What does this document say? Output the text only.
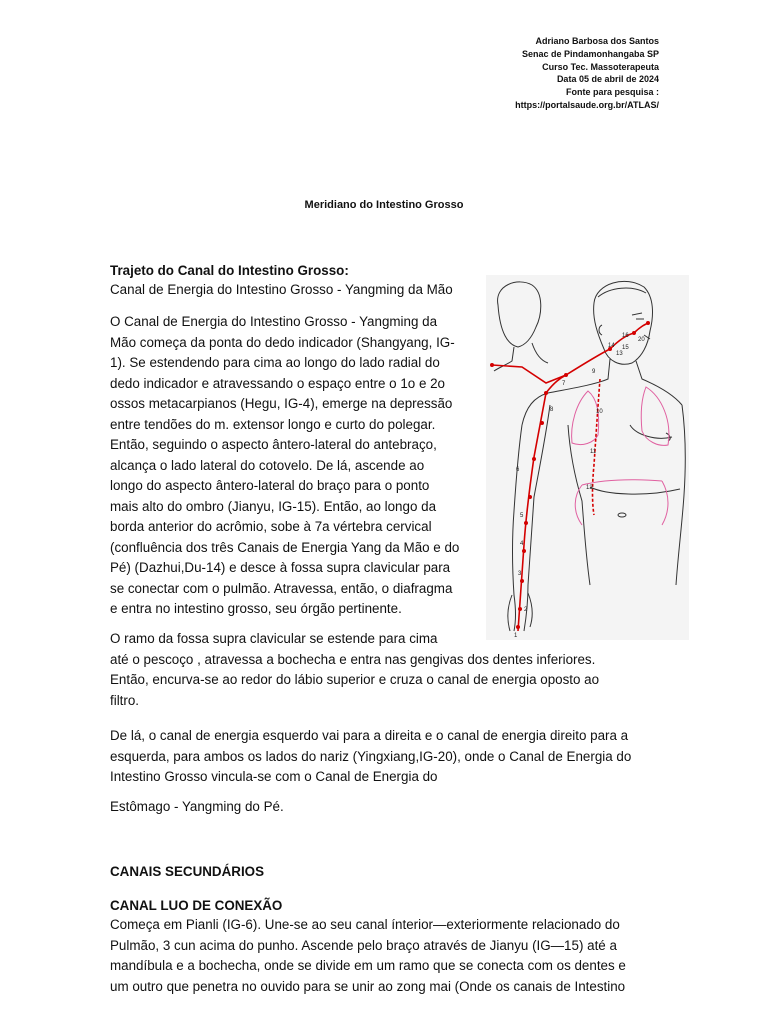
Adriano Barbosa dos Santos
Senac de Pindamonhangaba SP
Curso Tec. Massoterapeuta
Data 05 de abril de 2024
Fonte para pesquisa :
https://portalsaude.org.br/ATLAS/
Meridiano do Intestino Grosso
Trajeto do Canal do Intestino Grosso:
Canal de Energia do Intestino Grosso - Yangming da Mão
O Canal de Energia do Intestino Grosso - Yangming da
Mão começa da ponta do dedo indicador (Shangyang, IG-
1). Se estendendo para cima ao longo do lado radial do
dedo indicador e atravessando o espaço entre o 1o e 2o
ossos metacarpianos (Hegu, IG-4), emerge na depressão
entre tendões do m. extensor longo e curto do polegar.
Então, seguindo o aspecto ântero-lateral do antebraço,
alcança o lado lateral do cotovelo. De lá, ascende ao
longo do aspecto ântero-lateral do braço para o ponto
mais alto do ombro (Jianyu, IG-15). Então, ao longo da
borda anterior do acrômio, sobe à 7a vértebra cervical
(confluência dos três Canais de Energia Yang da Mão e do
Pé) (Dazhui,Du-14) e desce à fossa supra clavicular para
se conectar com o pulmão. Atravessa, então, o diafragma
e entra no intestino grosso, seu órgão pertinente.
O ramo da fossa supra clavicular se estende para cima
até o pescoço , atravessa a bochecha e entra nas gengivas dos dentes inferiores.
Então, encurva-se ao redor do lábio superior e cruza o canal de energia oposto ao
filtro.
De lá, o canal de energia esquerdo vai para a direita e o canal de energia direito para a
esquerda, para ambos os lados do nariz (Yingxiang,IG-20), onde o Canal de Energia do
Intestino Grosso vincula-se com o Canal de Energia do
Estômago - Yangming do Pé.
CANAIS SECUNDÁRIOS
CANAL LUO DE CONEXÃO
Começa em Pianli (IG-6). Une-se ao seu canal ínterior—exteriormente relacionado do
Pulmão, 3 cun acima do punho. Ascende pelo braço através de Jianyu (IG—15) até a
mandíbula e a bochecha, onde se divide em um ramo que se conecta com os dentes e
um outro que penetra no ouvido para se unir ao zong mai (Onde os canais de Intestino
1
2
3
4
5
6
7
8
9
10
11
12
13
14 15
16
20
